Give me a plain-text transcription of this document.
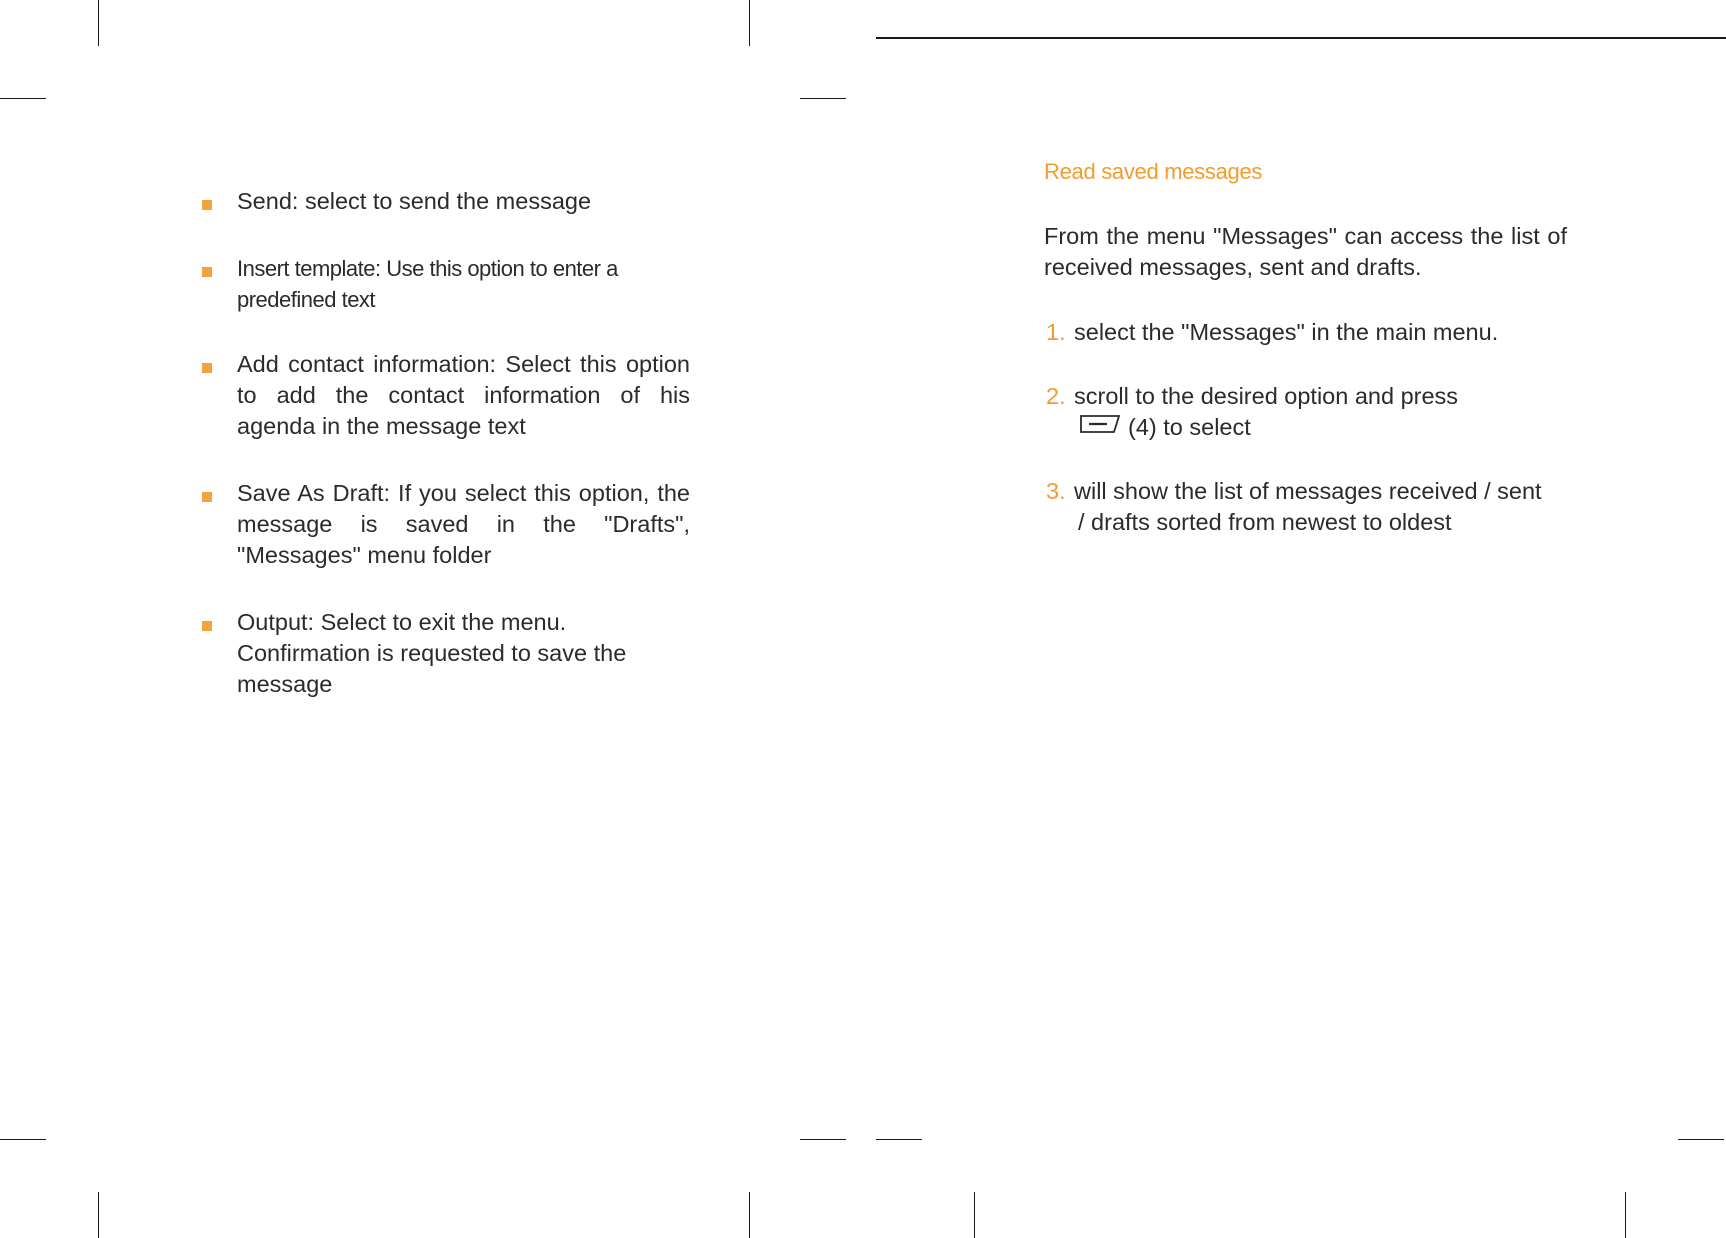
Send: select to send the message
Insert template: Use this option to enter a predefined text
Add contact information: Select this option to add the contact information of his agenda in the message text
Save As Draft: If you select this option, the message is saved in the "Drafts", "Messages" menu folder
Output: Select to exit the menu.
Confirmation is requested to save the
message
Read saved messages

From the menu "Messages" can access the list of received messages, sent and drafts.

1. select the "Messages" in the main menu.
2. scroll to the desired option and press
(4) to select
3. will show the list of messages received / sent
/ drafts sorted from newest to oldest
